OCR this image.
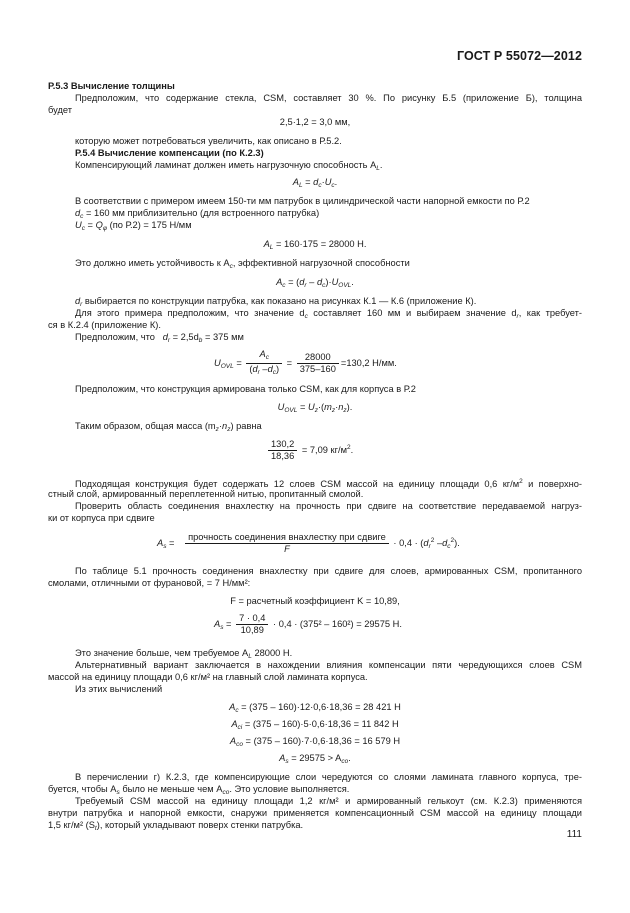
ГОСТ Р 55072—2012
Р.5.3 Вычисление толщины
Предположим, что содержание стекла, CSM, составляет 30 %. По рисунку Б.5 (приложение Б), толщина
будет
2,5·1,2 = 3,0 мм,
которую может потребоваться увеличить, как описано в Р.5.2.
Р.5.4 Вычисление компенсации (по К.2.3)
Компенсирующий ламинат должен иметь нагрузочную способность $A_L$.
$A_L = d_c\cdot U_c$.
В соответствии с примером имеем 150-ти мм патрубок в цилиндрической части напорной емкости по Р.2
$d_c = 160$ мм приблизительно (для встроенного патрубка)
$U_c = Q_\varphi$ (по Р.2) = 175 Н/мм
$A_L = 160\cdot 175 = 28000$ Н.
Это должно иметь устойчивость к $A_c$, эффективной нагрузочной способности
$A_c = (d_r - d_c)\cdot U_{OVL}$.
$d_r$ выбирается по конструкции патрубка, как показано на рисунках К.1 — К.6 (приложение К).
Для этого примера предположим, что значение $d_c$ составляет 160 мм и выбираем значение $d_r$, как требует-
ся в К.2.4 (приложение К).
Предположим, что $d_r = 2,5d_b = 375$ мм
$U_{OVL} = \frac{A_c}{(d_r -d_c)} = \frac{28000}{375-160} =130,2$ Н/мм.
Предположим, что конструкция армирована только CSM, как для корпуса в Р.2
$U_{OVL} = U_z\cdot(m_z\cdot n_z)$.
Таким образом, общая масса $(m_z\cdot n_z)$ равна
$\frac{130,2}{18,36} = 7,09$ $кг/м^2$.
Подходящая конструкция будет содержать 12 слоев CSM массой на единицу площади 0,6 $кг/м^2$ и поверхно-
стный слой, армированный переплетенной нитью, пропитанный смолой.
Проверить область соединения внахлестку на прочность при сдвиге на соответствие передаваемой нагруз-
ки от корпуса при сдвиге
$A_s = \frac{\text{прочность соединения внахлестку при сдвиге}}{F} \cdot 0,4 \cdot (d_r^2$ $-d_c^2$).
По таблице 5.1 прочность соединения внахлестку при сдвиге для слоев, армированных CSM, пропитанного
смолами, отличными от фурановой, = 7 Н/мм²:
F = расчетный коэффициент K = 10,89,
$A_s = \frac{7 \cdot 0,4}{10,89} \cdot 0,4 \cdot (375^2 - 160^2) = 29575$ Н.
Это значение больше, чем требуемое $A_L$ 28000 Н.
Альтернативный вариант заключается в нахождении влияния компенсации пяти чередующихся слоев CSM
массой на единицу площади 0,6 кг/м² на главный слой ламината корпуса.
Из этих вычислений
$A_c = (375 - 160)\cdot 12\cdot 0,6\cdot 18,36 = 28$ 421 Н
$A_{ci} = (375 - 160)\cdot 5\cdot 0,6\cdot 18,36 = 11$ 842 Н
$A_{co} = (375 - 160)\cdot 7\cdot 0,6\cdot 18,36 = 16$ 579 Н
$A_s = 29575 > A_{co}$.
В перечислении г) К.2.3, где компенсирующие слои чередуются со слоями ламината главного корпуса, тре-
буется, чтобы $A_s$ было не меньше чем $A_{co}$. Это условие выполняется.
Требуемый CSM массой на единицу площади 1,2 кг/м² и армированный гелькоут (см. К.2.3) применяются
внутри патрубка и напорной емкости, снаружи применяется компенсационный CSM массой на единицу площади
1,5 кг/м² $(S_t)$, который укладывают поверх стенки патрубка.
111
